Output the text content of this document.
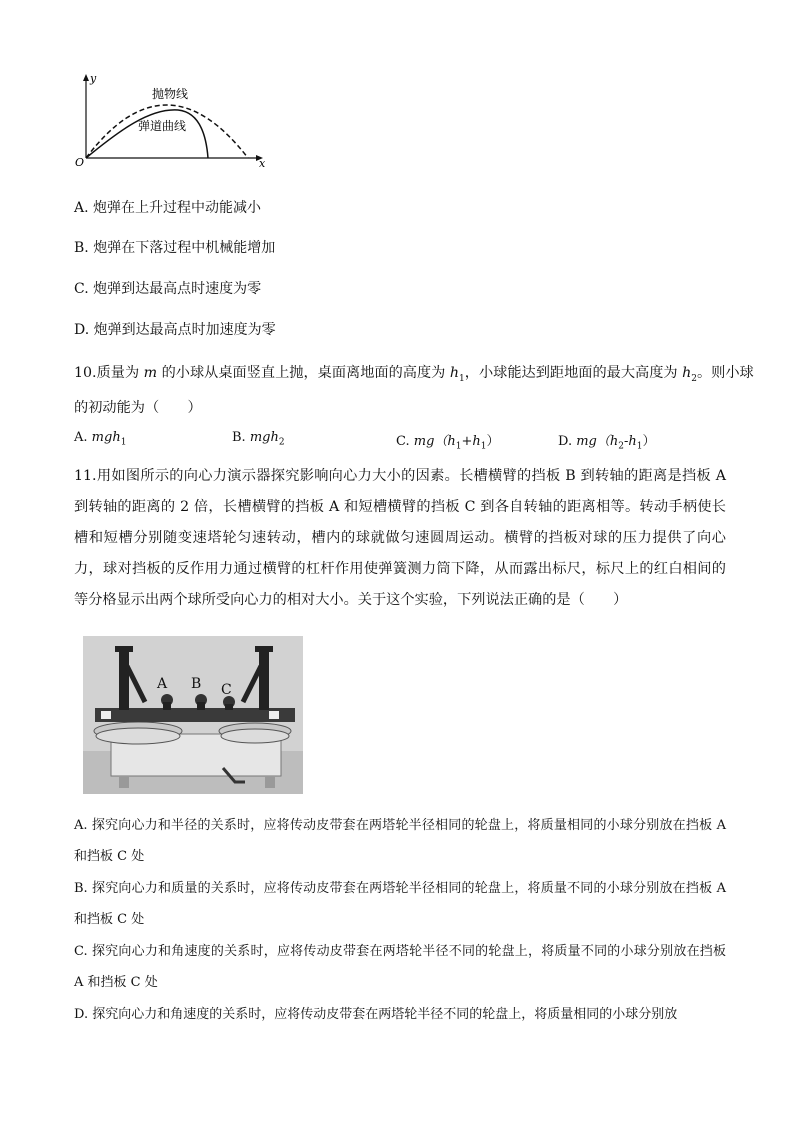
y
x
O
抛物线
弹道曲线
A. 炮弹在上升过程中动能减小
B. 炮弹在下落过程中机械能增加
C. 炮弹到达最高点时速度为零
D. 炮弹到达最高点时加速度为零
10.质量为 m 的小球从桌面竖直上抛，桌面离地面的高度为 $h_1$，小球能达到距地面的最大高度为 $h_2$。则小球
的初动能为（　　）
A. mgh$_1$	B. mgh$_2$	C. $mg(h_1+h_1)$	D. $mg(h_2-h_1)$
11.用如图所示的向心力演示器探究影响向心力大小的因素。长槽横臂的挡板 B 到转轴的距离是挡板 A 到转轴的距离的 2 倍，长槽横臂的挡板 A 和短槽横臂的挡板 C 到各自转轴的距离相等。转动手柄使长槽和短槽分别随变速塔轮匀速转动，槽内的球就做匀速圆周运动。横臂的挡板对球的压力提供了向心力，球对挡板的反作用力通过横臂的杠杆作用使弹簧测力筒下降，从而露出标尺，标尺上的红白相间的等分格显示出两个球所受向心力的相对大小。关于这个实验，下列说法正确的是（　　）
A B C
A. 探究向心力和半径的关系时，应将传动皮带套在两塔轮半径相同的轮盘上，将质量相同的小球分别放在挡板 A 和挡板 C 处
B. 探究向心力和质量的关系时，应将传动皮带套在两塔轮半径相同的轮盘上，将质量不同的小球分别放在挡板 A 和挡板 C 处
C. 探究向心力和角速度的关系时，应将传动皮带套在两塔轮半径不同的轮盘上，将质量不同的小球分别放在挡板 A 和挡板 C 处
D. 探究向心力和角速度的关系时，应将传动皮带套在两塔轮半径不同的轮盘上，将质量相同的小球分别放
